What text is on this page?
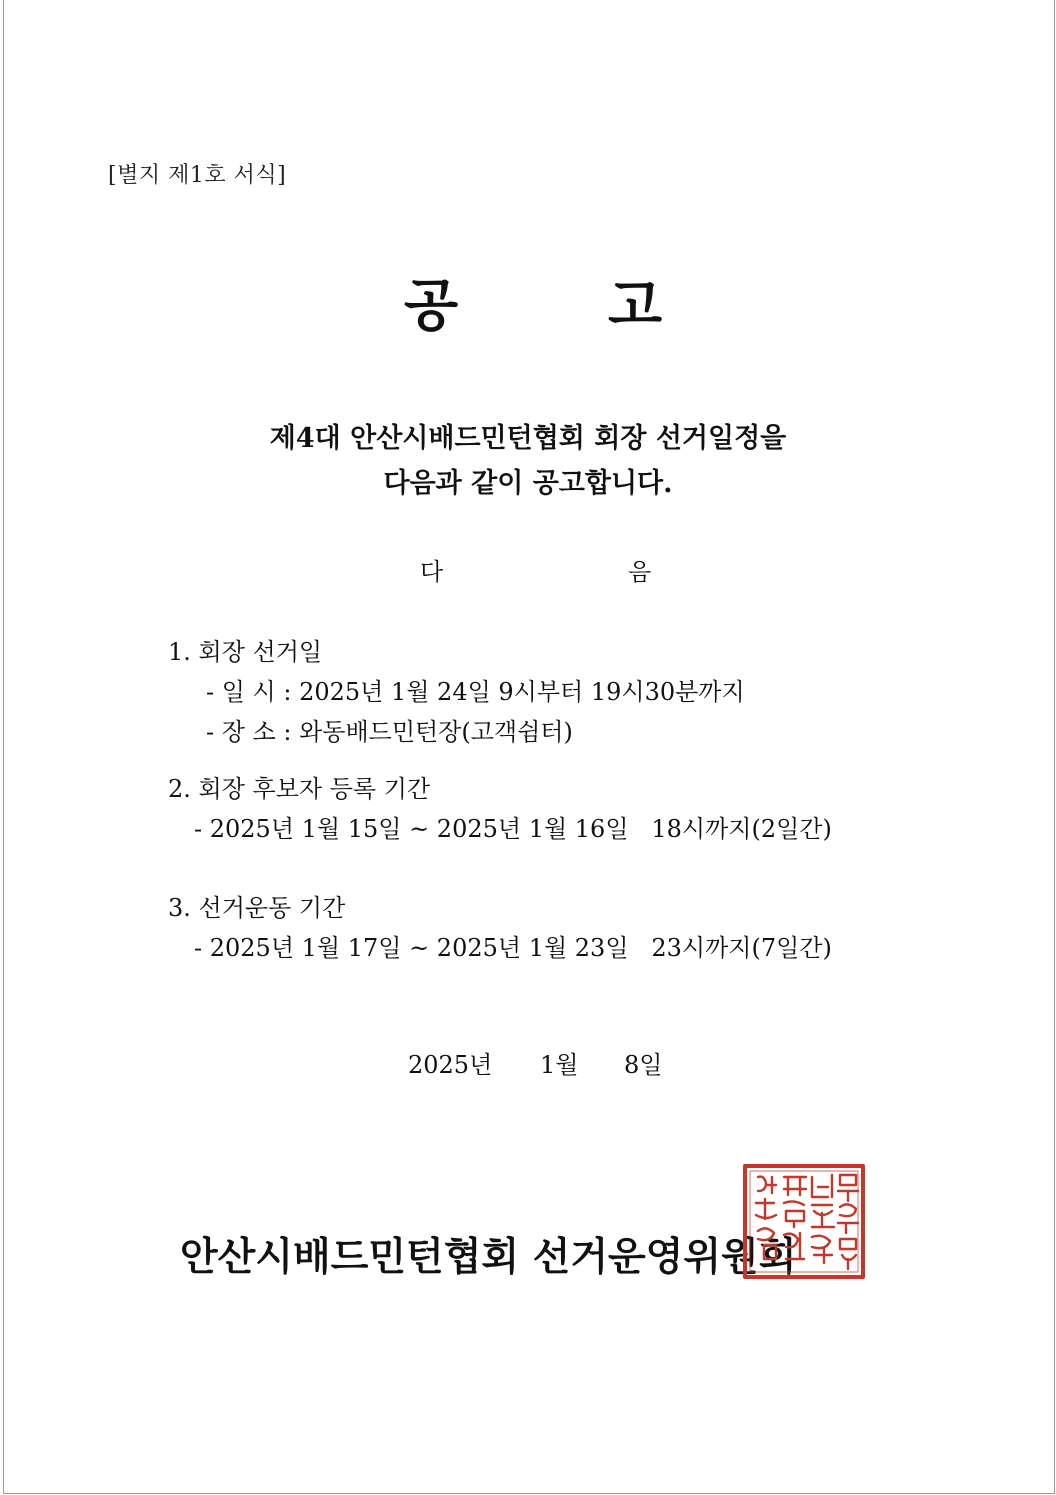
[별지 제1호 서식]
공	고
제4대 안산시배드민턴협회 회장 선거일정을
다음과 같이 공고합니다.
다	음
1. 회장 선거일
- 일 시 : 2025년 1월 24일 9시부터 19시30분까지
- 장 소 : 와동배드민턴장(고객쉼터)
2. 회장 후보자 등록 기간
- 2025년 1월 15일 ~ 2025년 1월 16일   18시까지(2일간)
3. 선거운동 기간
- 2025년 1월 17일 ~ 2025년 1월 23일   23시까지(7일간)
2025년 1월 8일
안산시배드민턴협회 선거운영위원회
